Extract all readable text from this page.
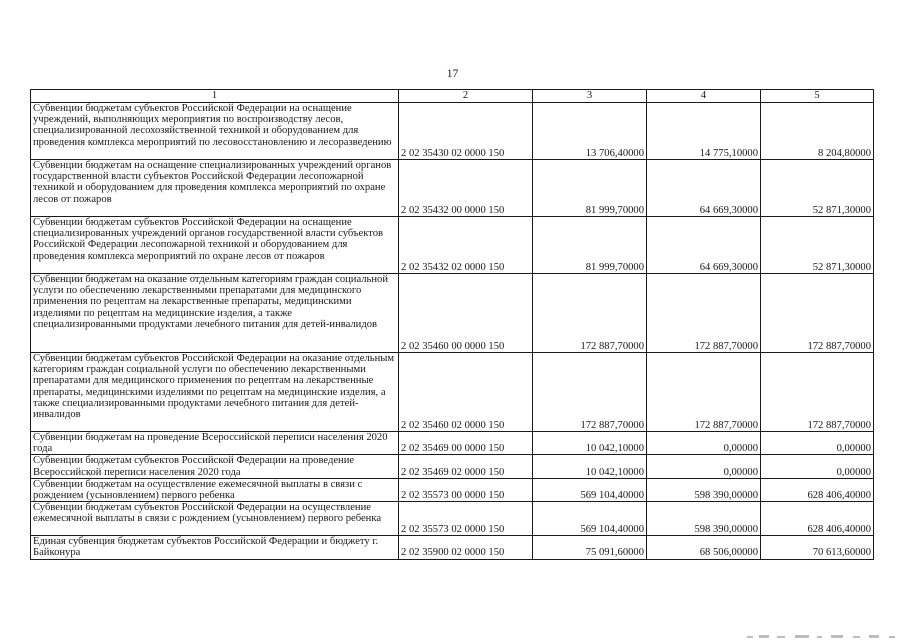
17
1	2	3	4	5
Субвенции бюджетам субъектов Российской Федерации на оснащение учреждений, выполняющих мероприятия по воспроизводству лесов, специализированной лесохозяйственной техникой и оборудованием для проведения комплекса мероприятий по лесовосстановлению и лесоразведению	2 02 35430 02 0000 150	13 706,40000	14 775,10000	8 204,80000
Субвенции бюджетам на оснащение специализированных учреждений органов государственной власти субъектов Российской Федерации лесопожарной техникой и оборудованием для проведения комплекса мероприятий по охране лесов от пожаров	2 02 35432 00 0000 150	81 999,70000	64 669,30000	52 871,30000
Субвенции бюджетам субъектов Российской Федерации на оснащение специализированных учреждений органов государственной власти субъектов Российской Федерации лесопожарной техникой и оборудованием для проведения комплекса мероприятий по охране лесов от пожаров	2 02 35432 02 0000 150	81 999,70000	64 669,30000	52 871,30000
Субвенции бюджетам на оказание отдельным категориям граждан социальной услуги по обеспечению лекарственными препаратами для медицинского применения по рецептам на лекарственные препараты, медицинскими изделиями по рецептам на медицинские изделия, а также специализированными продуктами лечебного питания для детей-инвалидов	2 02 35460 00 0000 150	172 887,70000	172 887,70000	172 887,70000
Субвенции бюджетам субъектов Российской Федерации на оказание отдельным категориям граждан социальной услуги по обеспечению лекарственными препаратами для медицинского применения по рецептам на лекарственные препараты, медицинскими изделиями по рецептам на медицинские изделия, а также специализированными продуктами лечебного питания для детей-инвалидов	2 02 35460 02 0000 150	172 887,70000	172 887,70000	172 887,70000
Субвенции бюджетам на проведение Всероссийской переписи населения 2020 года	2 02 35469 00 0000 150	10 042,10000	0,00000	0,00000
Субвенции бюджетам субъектов Российской Федерации на проведение Всероссийской переписи населения 2020 года	2 02 35469 02 0000 150	10 042,10000	0,00000	0,00000
Субвенции бюджетам на осуществление ежемесячной выплаты в связи с рождением (усыновлением) первого ребенка	2 02 35573 00 0000 150	569 104,40000	598 390,00000	628 406,40000
Субвенции бюджетам субъектов Российской Федерации на осуществление ежемесячной выплаты в связи с рождением (усыновлением) первого ребенка	2 02 35573 02 0000 150	569 104,40000	598 390,00000	628 406,40000
Единая субвенция бюджетам субъектов Российской Федерации и бюджету г. Байконура	2 02 35900 02 0000 150	75 091,60000	68 506,00000	70 613,60000
